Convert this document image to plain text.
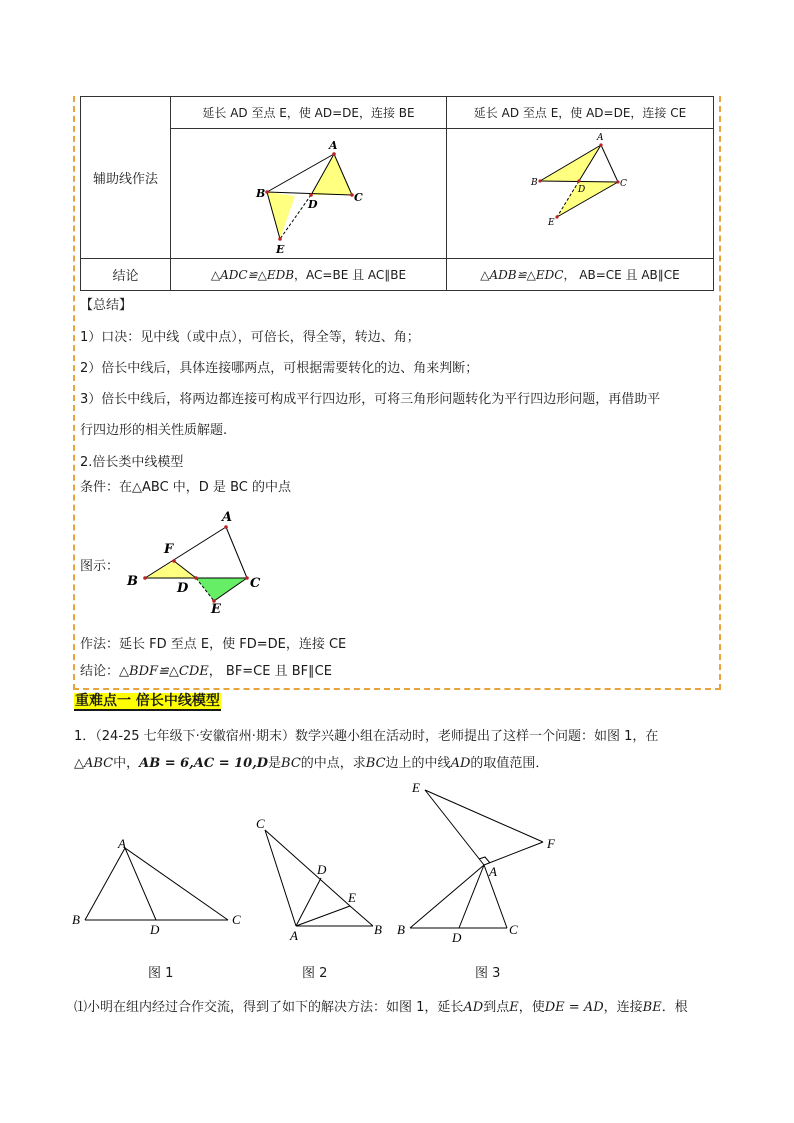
辅助线作法	延长 AD 至点 E，使 AD=DE，连接 BE	延长 AD 至点 E，使 AD=DE，连接 CE

A
B C
D
E	A
B C
D
E

结论	△ADC≌△EDB，AC=BE 且 AC∥BE	△ADB≌△EDC， AB=CE 且 AB∥CE
【总结】
1）口决：见中线（或中点），可倍长，得全等，转边、角；
2）倍长中线后，具体连接哪两点，可根据需要转化的边、角来判断；
3）倍长中线后，将两边都连接可构成平行四边形，可将三角形问题转化为平行四边形问题，再借助平
行四边形的相关性质解题.
2.倍长类中线模型
条件：在△ABC 中，D 是 BC 的中点
图示：
A
B	C
D
F
E
作法：延长 FD 至点 E，使 FD=DE，连接 CE
结论：△BDF≌△CDE， BF=CE 且 BF∥CE
重难点一 倍长中线模型
1．（24-25 七年级下·安徽宿州·期末）数学兴趣小组在活动时，老师提出了这样一个问题：如图 1，在
△ABC中，AB = 6,AC = 10,D是BC的中点，求BC边上的中线AD的取值范围．
A
B	C
D
C
D
E
A	B
E
F
A
B
D
C
图 1	图 2	图 3
⑴小明在组内经过合作交流，得到了如下的解决方法：如图 1，延长AD到点E，使DE = AD，连接BE．根
